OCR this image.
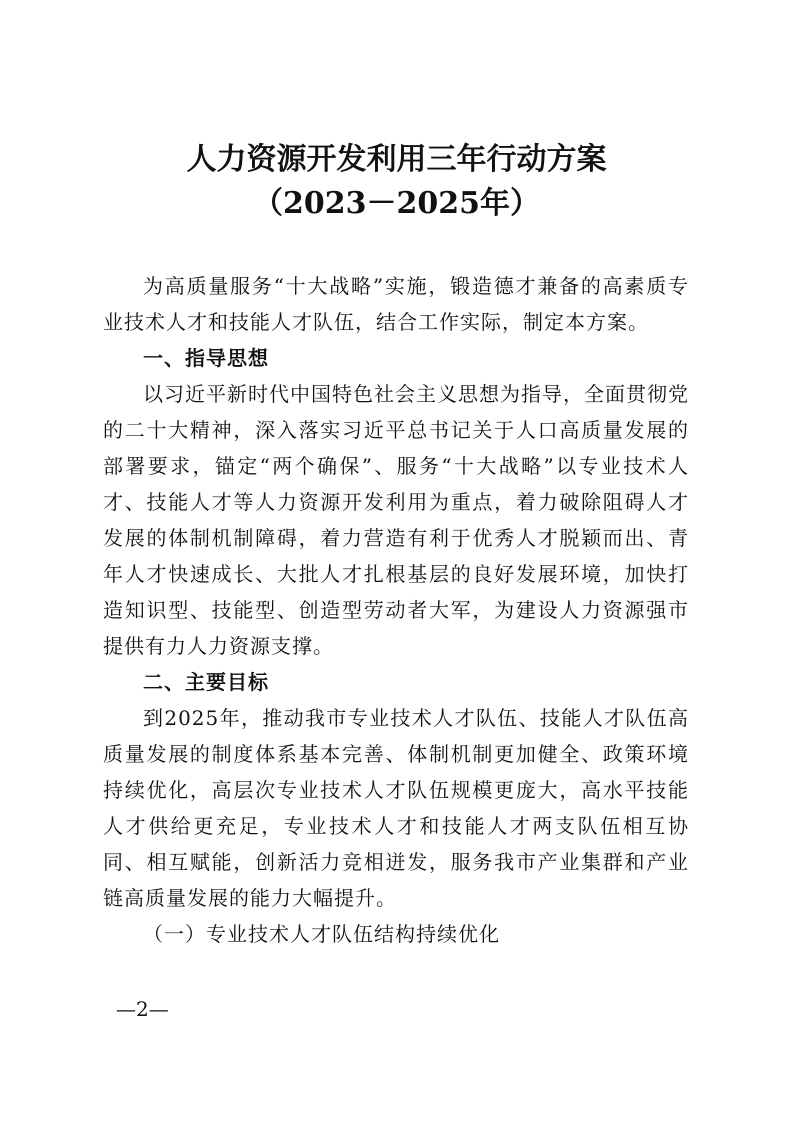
人力资源开发利用三年行动方案
（2023－2025年）

为高质量服务“十大战略”实施，锻造德才兼备的高素质专业技术人才和技能人才队伍，结合工作实际，制定本方案。

一、指导思想

以习近平新时代中国特色社会主义思想为指导，全面贯彻党的二十大精神，深入落实习近平总书记关于人口高质量发展的部署要求，锚定“两个确保”、服务“十大战略”以专业技术人才、技能人才等人力资源开发利用为重点，着力破除阻碍人才发展的体制机制障碍，着力营造有利于优秀人才脱颖而出、青年人才快速成长、大批人才扎根基层的良好发展环境，加快打造知识型、技能型、创造型劳动者大军，为建设人力资源强市提供有力人力资源支撑。

二、主要目标

到2025年，推动我市专业技术人才队伍、技能人才队伍高质量发展的制度体系基本完善、体制机制更加健全、政策环境持续优化，高层次专业技术人才队伍规模更庞大，高水平技能人才供给更充足，专业技术人才和技能人才两支队伍相互协同、相互赋能，创新活力竞相迸发，服务我市产业集群和产业链高质量发展的能力大幅提升。

（一）专业技术人才队伍结构持续优化

—2—
